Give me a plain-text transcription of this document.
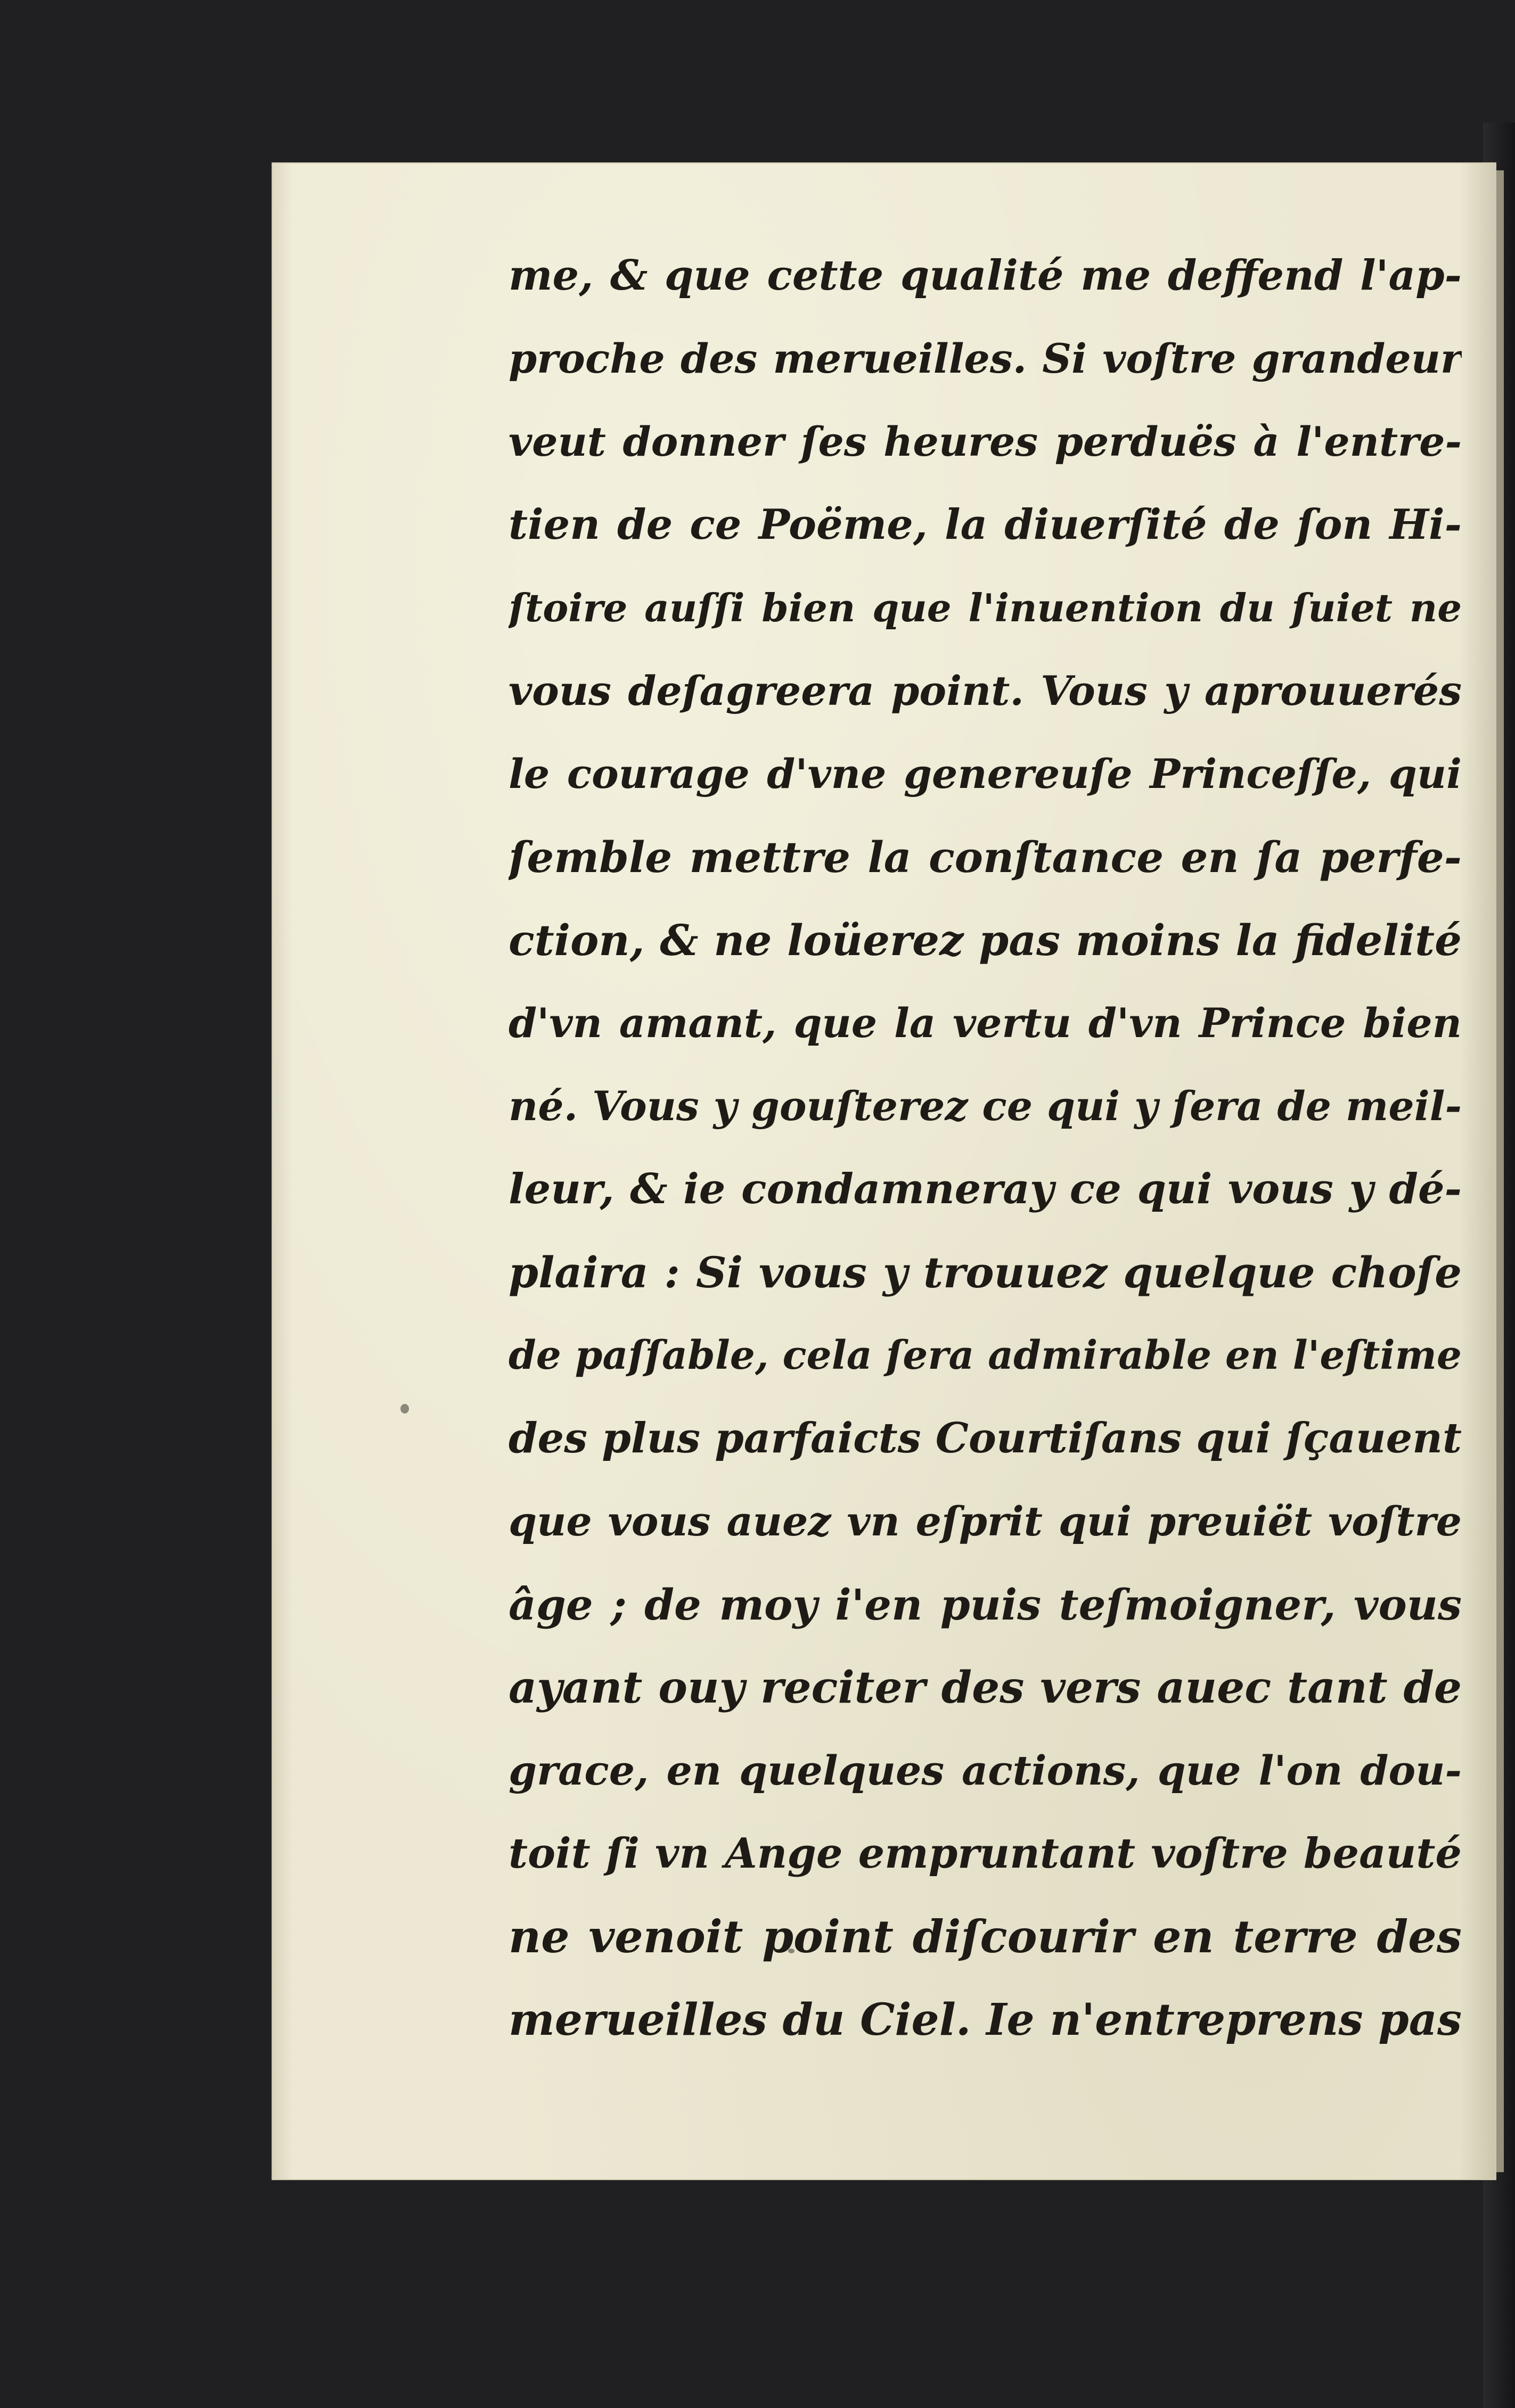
me, & que cette qualité me deffend l'ap-
proche des merueilles. Si voſtre grandeur
veut donner ſes heures perduës à l'entre-
tien de ce Poëme, la diuerſité de ſon Hi-
ſtoire auſſi bien que l'inuention du ſuiet ne
vous deſagreera point. Vous y aprouuerés
le courage d'vne genereuſe Princeſſe, qui
ſemble mettre la conſtance en ſa perfe-
ction, & ne loüerez pas moins la fidelité
d'vn amant, que la vertu d'vn Prince bien
né. Vous y gouſterez ce qui y ſera de meil-
leur, & ie condamneray ce qui vous y dé-
plaira : Si vous y trouuez quelque choſe
de paſſable, cela ſera admirable en l'eſtime
des plus parfaicts Courtiſans qui ſçauent
que vous auez vn eſprit qui preuiët voſtre
âge ; de moy i'en puis teſmoigner, vous
ayant ouy reciter des vers auec tant de
grace, en quelques actions, que l'on dou-
toit ſi vn Ange empruntant voſtre beauté
ne venoit point diſcourir en terre des
merueilles du Ciel. Ie n'entreprens pas
